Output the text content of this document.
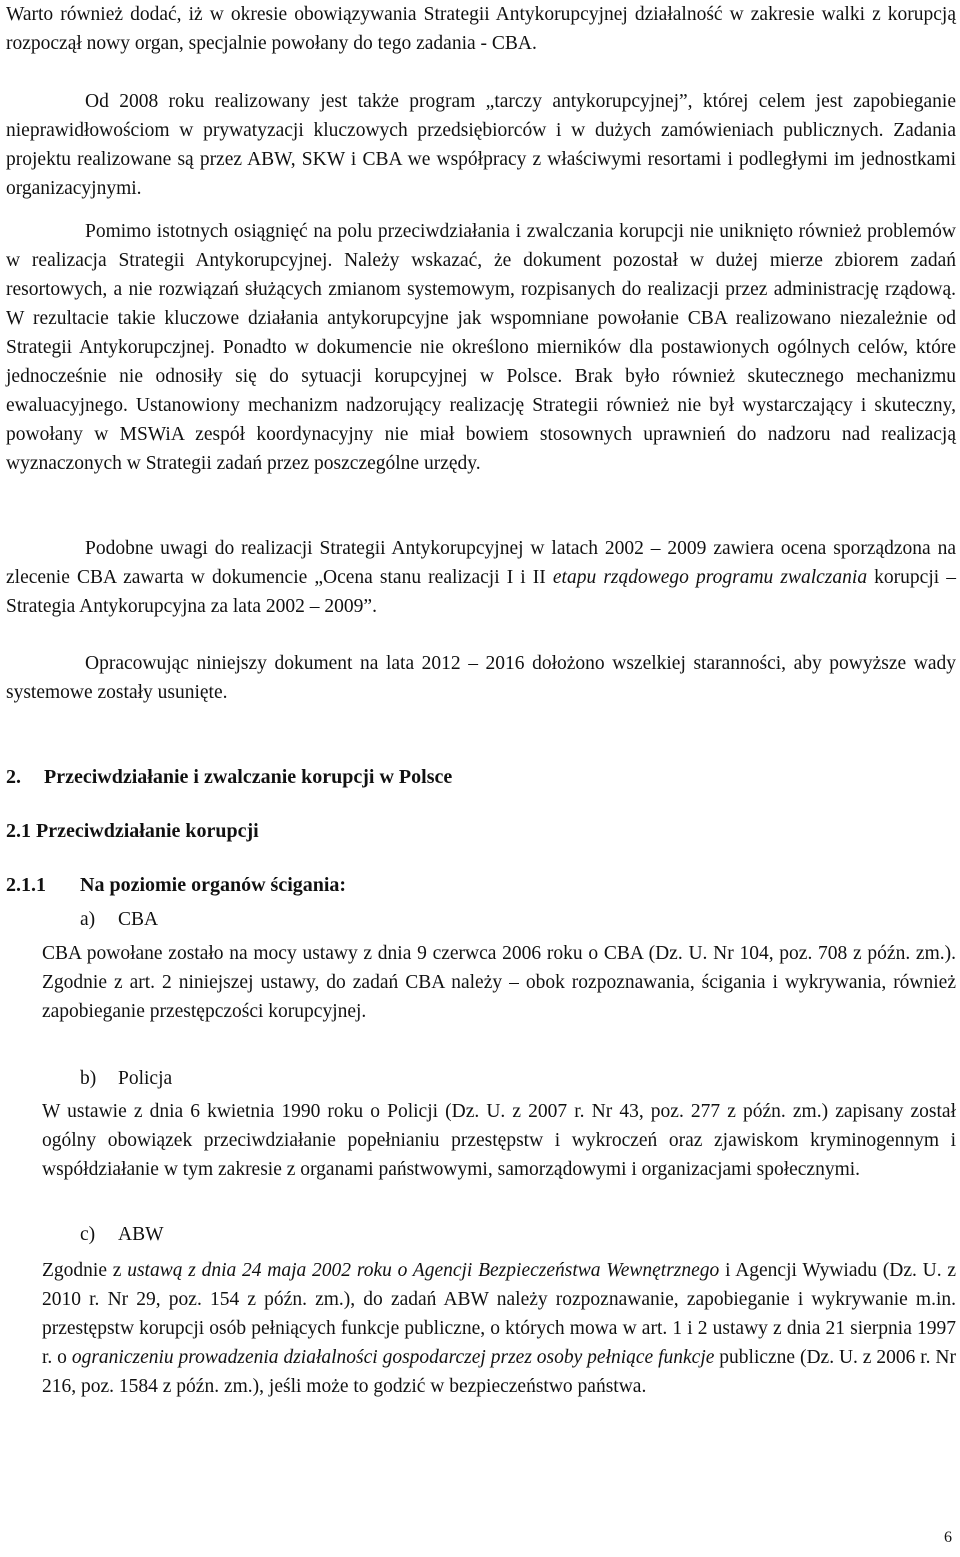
Warto również dodać, iż w okresie obowiązywania Strategii Antykorupcyjnej działalność w zakresie walki z korupcją rozpoczął nowy organ, specjalnie powołany do tego zadania - CBA.

Od 2008 roku realizowany jest także program „tarczy antykorupcyjnej”, której celem jest zapobieganie nieprawidłowościom w prywatyzacji kluczowych przedsiębiorców i w dużych zamówieniach publicznych. Zadania projektu realizowane są przez ABW, SKW i CBA we współpracy z właściwymi resortami i podległymi im jednostkami organizacyjnymi.

Pomimo istotnych osiągnięć na polu przeciwdziałania i zwalczania korupcji nie uniknięto również problemów w realizacja Strategii Antykorupcyjnej. Należy wskazać, że dokument pozostał w dużej mierze zbiorem zadań resortowych, a nie rozwiązań służących zmianom systemowym, rozpisanych do realizacji przez administrację rządową. W rezultacie takie kluczowe działania antykorupcyjne jak wspomniane powołanie CBA realizowano niezależnie od Strategii Antykorupczjnej. Ponadto w dokumencie nie określono mierników dla postawionych ogólnych celów, które jednocześnie nie odnosiły się do sytuacji korupcyjnej w Polsce. Brak było również skutecznego mechanizmu ewaluacyjnego. Ustanowiony mechanizm nadzorujący realizację Strategii również nie był wystarczający i skuteczny, powołany w MSWiA zespół koordynacyjny nie miał bowiem stosownych uprawnień do nadzoru nad realizacją wyznaczonych w Strategii zadań przez poszczególne urzędy.

Podobne uwagi do realizacji Strategii Antykorupcyjnej w latach 2002 – 2009 zawiera ocena sporządzona na zlecenie CBA zawarta w dokumencie „Ocena stanu realizacji I i II etapu rządowego programu zwalczania korupcji – Strategia Antykorupcyjna za lata 2002 – 2009”.

Opracowując niniejszy dokument na lata 2012 – 2016 dołożono wszelkiej staranności, aby powyższe wady systemowe zostały usunięte.

2. Przeciwdziałanie i zwalczanie korupcji w Polsce
2.1 Przeciwdziałanie korupcji
2.1.1 Na poziomie organów ścigania:

a) CBA

CBA powołane zostało na mocy ustawy z dnia 9 czerwca 2006 roku o CBA (Dz. U. Nr 104, poz. 708 z późn. zm.). Zgodnie z art. 2 niniejszej ustawy, do zadań CBA należy – obok rozpoznawania, ścigania i wykrywania, również zapobieganie przestępczości korupcyjnej.

b) Policja

W ustawie z dnia 6 kwietnia 1990 roku o Policji (Dz. U. z 2007 r. Nr 43, poz. 277 z późn. zm.) zapisany został ogólny obowiązek przeciwdziałanie popełnianiu przestępstw i wykroczeń oraz zjawiskom kryminogennym i współdziałanie w tym zakresie z organami państwowymi, samorządowymi i organizacjami społecznymi.

c) ABW

Zgodnie z ustawą z dnia 24 maja 2002 roku o Agencji Bezpieczeństwa Wewnętrznego i Agencji Wywiadu (Dz. U. z 2010 r. Nr 29, poz. 154 z późn. zm.), do zadań ABW należy rozpoznawanie, zapobieganie i wykrywanie m.in. przestępstw korupcji osób pełniących funkcje publiczne, o których mowa w art. 1 i 2 ustawy z dnia 21 sierpnia 1997 r. o ograniczeniu prowadzenia działalności gospodarczej przez osoby pełniące funkcje publiczne (Dz. U. z 2006 r. Nr 216, poz. 1584 z późn. zm.), jeśli może to godzić w bezpieczeństwo państwa.

6
